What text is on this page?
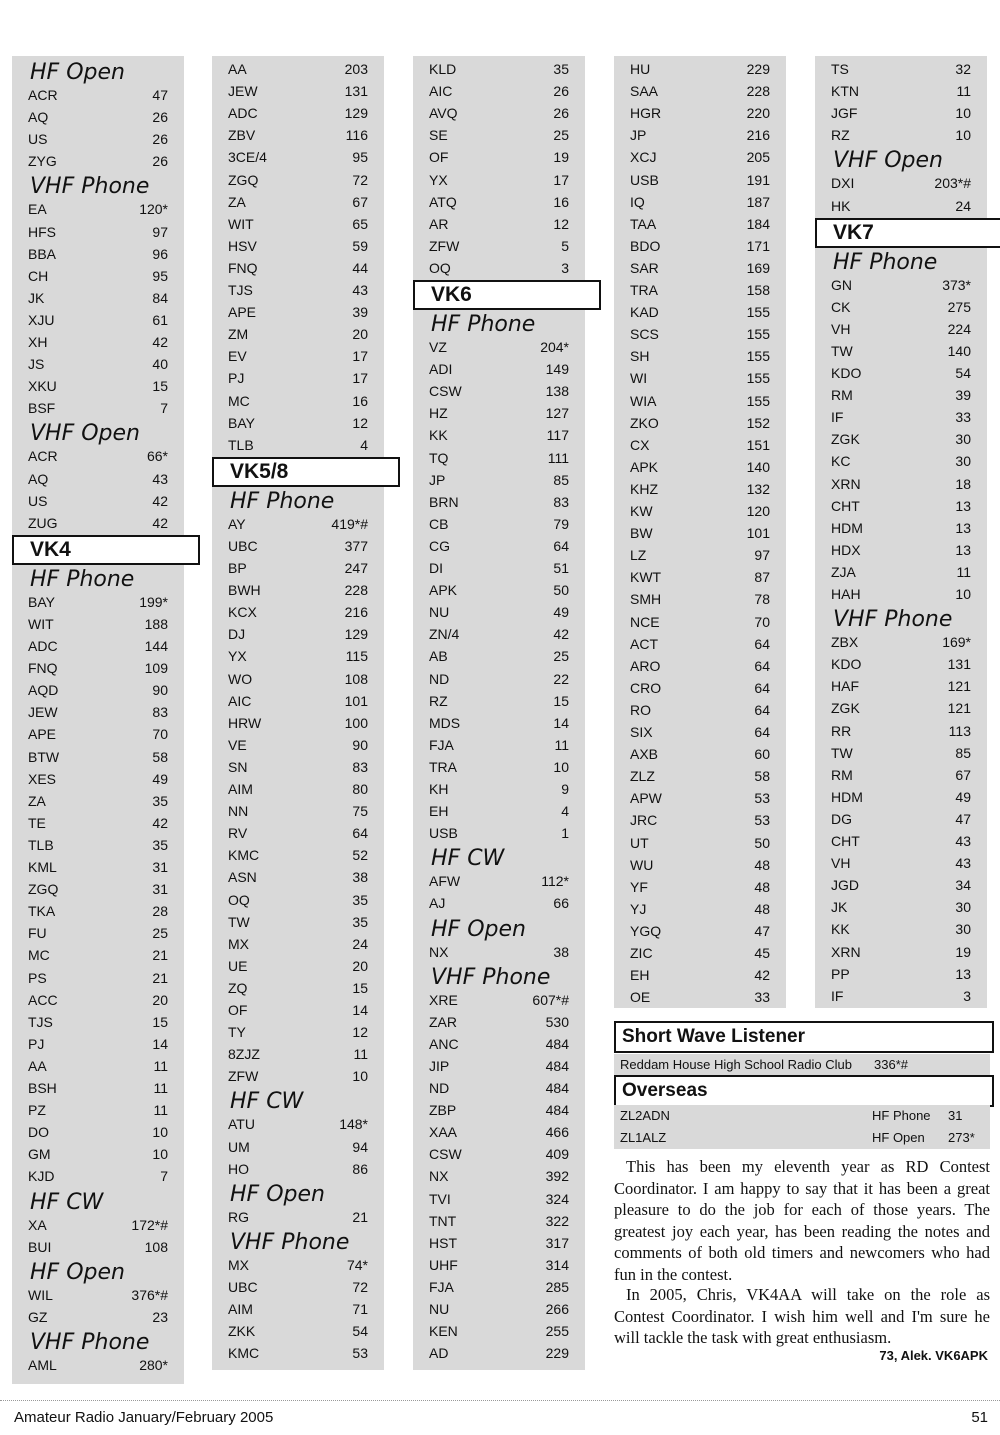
HF Open
ACR	47
AQ	26
US	26
ZYG	26
VHF Phone
EA	120*
HFS	97
BBA	96
CH	95
JK	84
XJU	61
XH	42
JS	40
XKU	15
BSF	7
VHF Open
ACR	66*
AQ	43
US	42
ZUG	42
VK4
HF Phone
BAY	199*
WIT	188
ADC	144
FNQ	109
AQD	90
JEW	83
APE	70
BTW	58
XES	49
ZA	35
TE	42
TLB	35
KML	31
ZGQ	31
TKA	28
FU	25
MC	21
PS	21
ACC	20
TJS	15
PJ	14
AA	11
BSH	11
PZ	11
DO	10
GM	10
KJD	7
HF CW
XA	172*#
BUI	108
HF Open
WIL	376*#
GZ	23
VHF Phone
AML	280*
AA	203
JEW	131
ADC	129
ZBV	116
3CE/4	95
ZGQ	72
ZA	67
WIT	65
HSV	59
FNQ	44
TJS	43
APE	39
ZM	20
EV	17
PJ	17
MC	16
BAY	12
TLB	4
VK5/8
HF Phone
AY	419*#
UBC	377
BP	247
BWH	228
KCX	216
DJ	129
YX	115
WO	108
AIC	101
HRW	100
VE	90
SN	83
AIM	80
NN	75
RV	64
KMC	52
ASN	38
OQ	35
TW	35
MX	24
UE	20
ZQ	15
OF	14
TY	12
8ZJZ	11
ZFW	10
HF CW
ATU	148*
UM	94
HO	86
HF Open
RG	21
VHF Phone
MX	74*
UBC	72
AIM	71
ZKK	54
KMC	53
KLD	35
AIC	26
AVQ	26
SE	25
OF	19
YX	17
ATQ	16
AR	12
ZFW	5
OQ	3
VK6
HF Phone
VZ	204*
ADI	149
CSW	138
HZ	127
KK	117
TQ	111
JP	85
BRN	83
CB	79
CG	64
DI	51
APK	50
NU	49
ZN/4	42
AB	25
ND	22
RZ	15
MDS	14
FJA	11
TRA	10
KH	9
EH	4
USB	1
HF CW
AFW	112*
AJ	66
HF Open
NX	38
VHF Phone
XRE	607*#
ZAR	530
ANC	484
JIP	484
ND	484
ZBP	484
XAA	466
CSW	409
NX	392
TVI	324
TNT	322
HST	317
UHF	314
FJA	285
NU	266
KEN	255
AD	229
HU	229
SAA	228
HGR	220
JP	216
XCJ	205
USB	191
IQ	187
TAA	184
BDO	171
SAR	169
TRA	158
KAD	155
SCS	155
SH	155
WI	155
WIA	155
ZKO	152
CX	151
APK	140
KHZ	132
KW	120
BW	101
LZ	97
KWT	87
SMH	78
NCE	70
ACT	64
ARO	64
CRO	64
RO	64
SIX	64
AXB	60
ZLZ	58
APW	53
JRC	53
UT	50
WU	48
YF	48
YJ	48
YGQ	47
ZIC	45
EH	42
OE	33
TS	32
KTN	11
JGF	10
RZ	10
VHF Open
DXI	203*#
HK	24
VK7
HF Phone
GN	373*
CK	275
VH	224
TW	140
KDO	54
RM	39
IF	33
ZGK	30
KC	30
XRN	18
CHT	13
HDM	13
HDX	13
ZJA	11
HAH	10
VHF Phone
ZBX	169*
KDO	131
HAF	121
ZGK	121
RR	113
TW	85
RM	67
HDM	49
DG	47
CHT	43
VH	43
JGD	34
JK	30
KK	30
XRN	19
PP	13
IF	3
Short Wave Listener
Reddam House High School Radio Club 336*#
Overseas
ZL2ADN	HF Phone 31
ZL1ALZ	HF Open 273*

This has been my eleventh year as RD Contest Coordinator. I am happy to say that it has been a great pleasure to do the job for each of those years. The greatest joy each year, has been reading the notes and comments of both old timers and newcomers who had fun in the contest.

In 2005, Chris, VK4AA will take on the role as Contest Coordinator. I wish him well and I'm sure he will tackle the task with great enthusiasm.

73, Alek. VK6APK
Amateur Radio January/February 2005	51
